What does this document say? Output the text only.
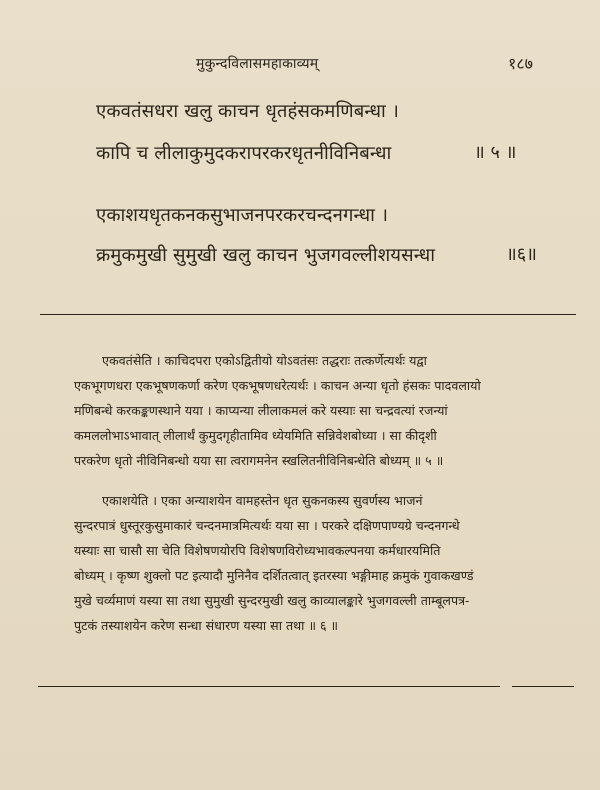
मुकुन्दविलासमहाकाव्यम्	१८७
एकवतंसधरा खलु काचन धृतहंसकमणिबन्धा ।
कापि च लीलाकुमुदकरापरकरधृतनीविनिबन्धा	॥ ५ ॥
एकाशयधृतकनकसुभाजनपरकरचन्दनगन्धा ।
क्रमुकमुखी सुमुखी खलु काचन भुजगवल्लीशयसन्धा	॥६॥
एकवतंसेति । काचिदपरा एकोऽद्वितीयो योऽवतंसः तद्धराः तत्कर्णेत्यर्थः यद्वा
एकभूगणधरा एकभूषणकर्णा करेण एकभूषणधरेत्यर्थः । काचन अन्या धृतो हंसकः पादवलायो
मणिबन्धे करकङ्कणस्थाने यया । काप्यन्या लीलाकमलं करे यस्याः सा चन्द्रवत्यां रजन्यां
कमललोभाऽभावात् लीलार्थं कुमुदगृहीतामिव ध्येयमिति सन्निवेशबोध्या । सा कीदृशी
परकरेण धृतो नीविनिबन्धो यया सा त्वरागमनेन स्खलितनीविनिबन्धेति बोध्यम् ॥ ५ ॥
एकाशयेति । एका अन्याशयेन वामहस्तेन धृत सुकनकस्य सुवर्णस्य भाजनं
सुन्दरपात्रं धुस्तूरकुसुमाकारं चन्दनमात्रमित्यर्थः यया सा । परकरे दक्षिणपाण्यग्रे चन्दनगन्धे
यस्याः सा चासौ सा चेति विशेषणयोरपि विशेषणविरोध्यभावकल्पनया कर्मधारयमिति
बोध्यम् । कृष्ण शुक्लो पट इत्यादौ मुनिनैव दर्शितत्वात् इतरस्या भङ्गीमाह क्रमुकं गुवाकखण्डं
मुखे चर्व्यमाणं यस्या सा तथा सुमुखी सुन्दरमुखी खलु काव्यालङ्कारे भुजगवल्ली ताम्बूलपत्र-
पुटकं तस्याशयेन करेण सन्धा संधारण यस्या सा तथा ॥ ६ ॥
